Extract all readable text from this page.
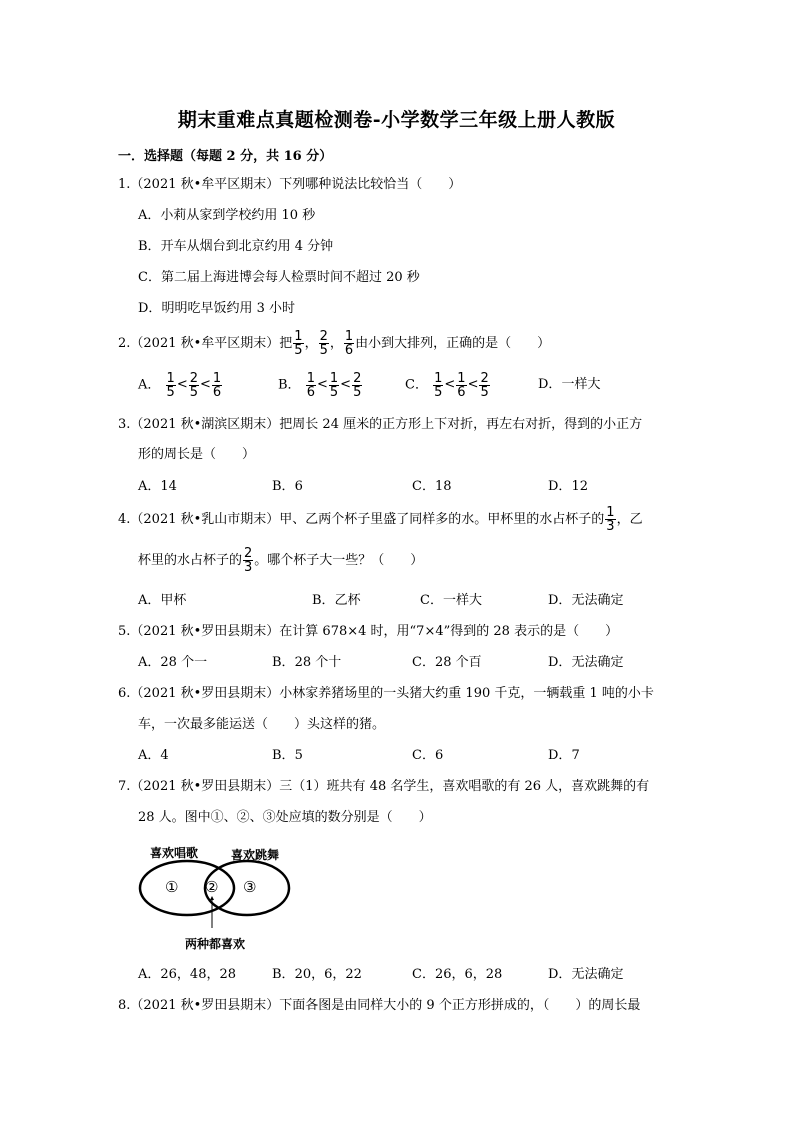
期末重难点真题检测卷-小学数学三年级上册人教版
一．选择题（每题 2 分，共 16 分）
1.（2021 秋•牟平区期末）下列哪种说法比较恰当（　　）
A．小莉从家到学校约用 10 秒
B．开车从烟台到北京约用 4 分钟
C．第二届上海进博会每人检票时间不超过 20 秒
D．明明吃早饭约用 3 小时
2.（2021 秋•牟平区期末）把 $\frac{1}{5}$ ， $\frac{2}{5}$ ， $\frac{1}{6}$ 由小到大排列，正确的是（　　）
A． $\frac{1}{5} < \frac{2}{5} < \frac{1}{6}$	B． $\frac{1}{6} < \frac{1}{5} < \frac{2}{5}$	C． $\frac{1}{5} < \frac{1}{6} < \frac{2}{5}$	D．一样大
3.（2021 秋•湖滨区期末）把周长 24 厘米的正方形上下对折，再左右对折，得到的小正方
形的周长是（　　）
A．14	B．6	C．18	D．12
4.（2021 秋•乳山市期末）甲、乙两个杯子里盛了同样多的水。甲杯里的水占杯子的 $\frac{1}{3}$ ，乙
杯里的水占杯子的 $\frac{2}{3}$ 。哪个杯子大一些？（　　）
A．甲杯	B．乙杯	C．一样大	D．无法确定
5.（2021 秋•罗田县期末）在计算 678×4 时，用“7×4”得到的 28 表示的是（　　）
A．28 个一	B．28 个十	C．28 个百	D．无法确定
6.（2021 秋•罗田县期末）小林家养猪场里的一头猪大约重 190 千克，一辆载重 1 吨的小卡
车，一次最多能运送（　　）头这样的猪。
A．4	B．5	C．6	D．7
7.（2021 秋•罗田县期末）三（1）班共有 48 名学生，喜欢唱歌的有 26 人，喜欢跳舞的有
28 人。图中①、②、③处应填的数分别是（　　）
喜欢唱歌	喜欢跳舞
① ② ③
两种都喜欢
A．26，48，28	B．20，6，22	C．26，6，28	D．无法确定
8.（2021 秋•罗田县期末）下面各图是由同样大小的 9 个正方形拼成的，（　　）的周长最
